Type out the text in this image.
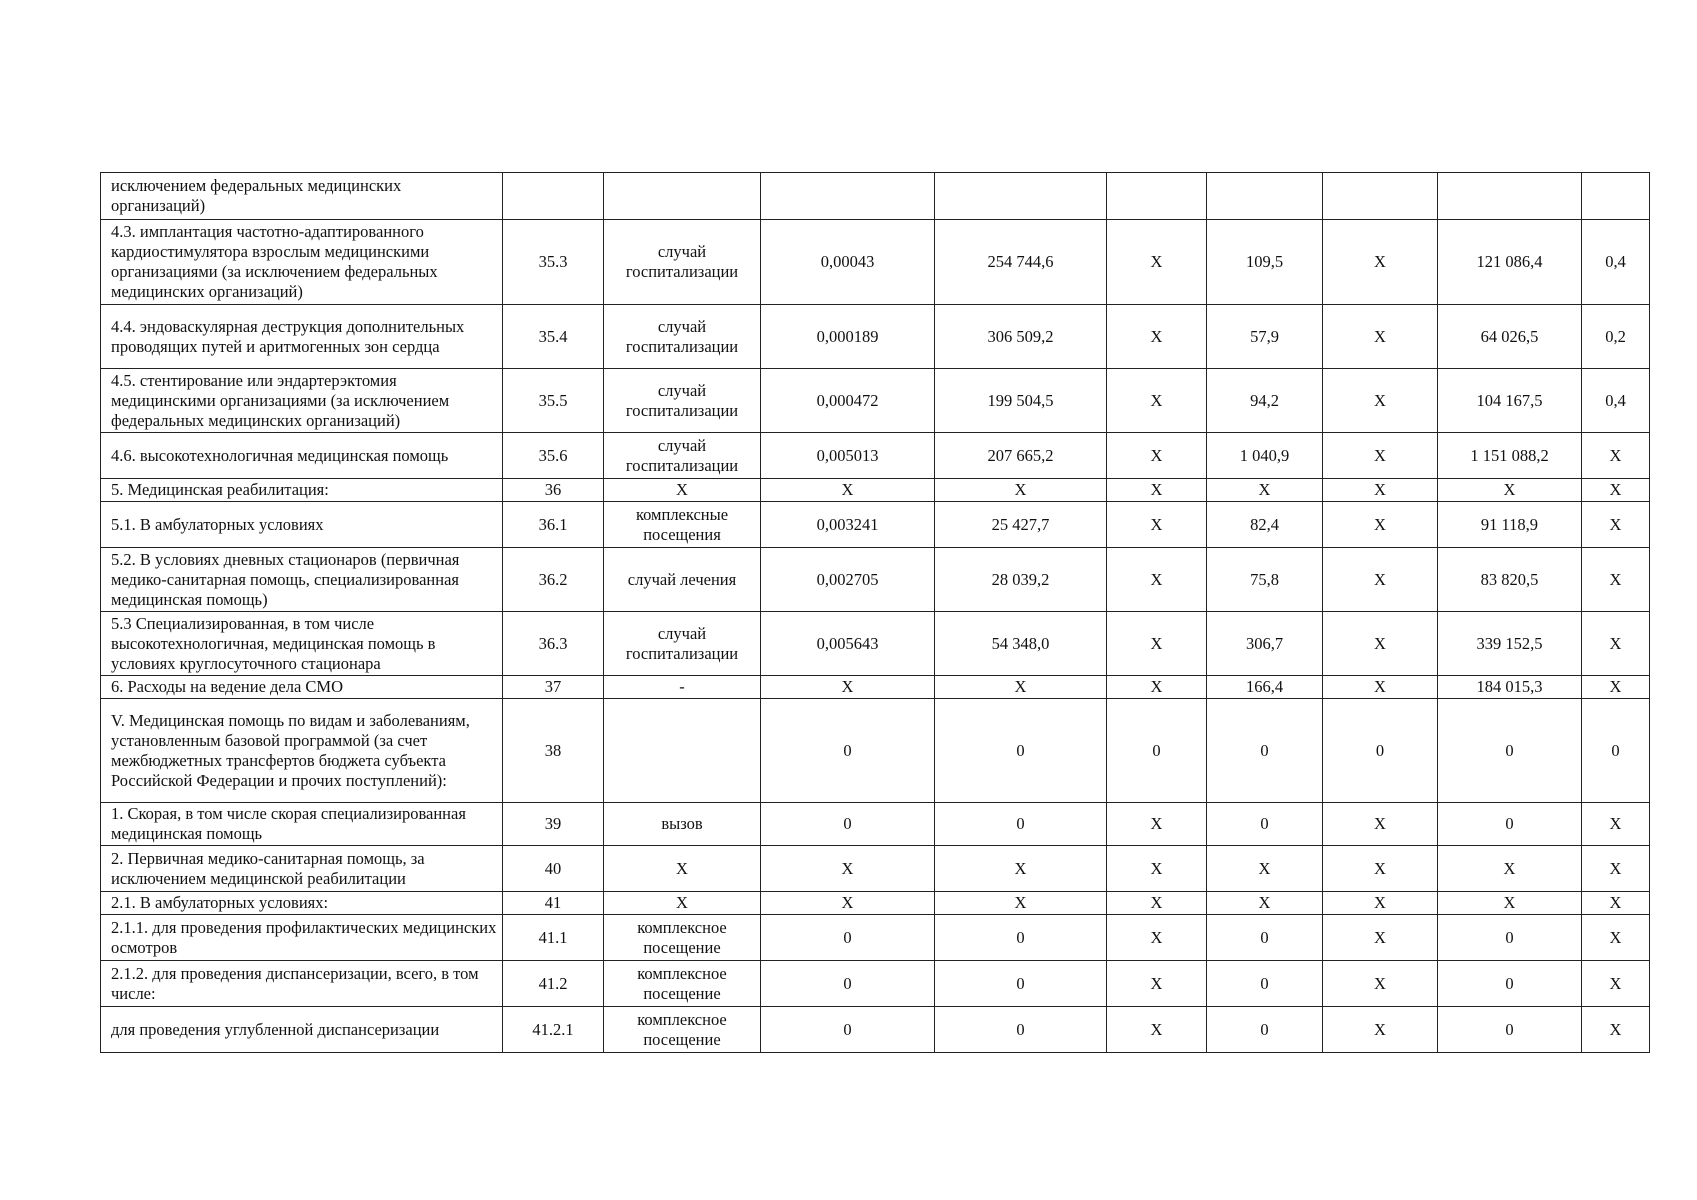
исключением федеральных медицинских организаций)									
4.3. имплантация частотно-адаптированного кардиостимулятора взрослым медицинскими организациями (за исключением федеральных медицинских организаций)	35.3	случай госпитализации	0,00043	254 744,6	X	109,5	X	121 086,4	0,4
4.4. эндоваскулярная деструкция дополнительных проводящих путей и аритмогенных зон сердца	35.4	случай госпитализации	0,000189	306 509,2	X	57,9	X	64 026,5	0,2
4.5. стентирование или эндартерэктомия медицинскими организациями (за исключением федеральных медицинских организаций)	35.5	случай госпитализации	0,000472	199 504,5	X	94,2	X	104 167,5	0,4
4.6. высокотехнологичная медицинская помощь	35.6	случай госпитализации	0,005013	207 665,2	X	1 040,9	X	1 151 088,2	X
5. Медицинская реабилитация:	36	X	X	X	X	X	X	X	X
5.1. В амбулаторных условиях	36.1	комплексные посещения	0,003241	25 427,7	X	82,4	X	91 118,9	X
5.2. В условиях дневных стационаров (первичная медико-санитарная помощь, специализированная медицинская помощь)	36.2	случай лечения	0,002705	28 039,2	X	75,8	X	83 820,5	X
5.3 Специализированная, в том числе высокотехнологичная, медицинская помощь в условиях круглосуточного стационара	36.3	случай госпитализации	0,005643	54 348,0	X	306,7	X	339 152,5	X
6. Расходы на ведение дела СМО	37	-	X	X	X	166,4	X	184 015,3	X
V. Медицинская помощь по видам и заболеваниям, установленным базовой программой (за счет межбюджетных трансфертов бюджета субъекта Российской Федерации и прочих поступлений):	38		0	0	0	0	0	0	0
1. Скорая, в том числе скорая специализированная медицинская помощь	39	вызов	0	0	X	0	X	0	X
2. Первичная медико-санитарная помощь, за исключением медицинской реабилитации	40	X	X	X	X	X	X	X	X
2.1. В амбулаторных условиях:	41	X	X	X	X	X	X	X	X
2.1.1. для проведения профилактических медицинских осмотров	41.1	комплексное посещение	0	0	X	0	X	0	X
2.1.2. для проведения диспансеризации, всего, в том числе:	41.2	комплексное посещение	0	0	X	0	X	0	X
для проведения углубленной диспансеризации	41.2.1	комплексное посещение	0	0	X	0	X	0	X
